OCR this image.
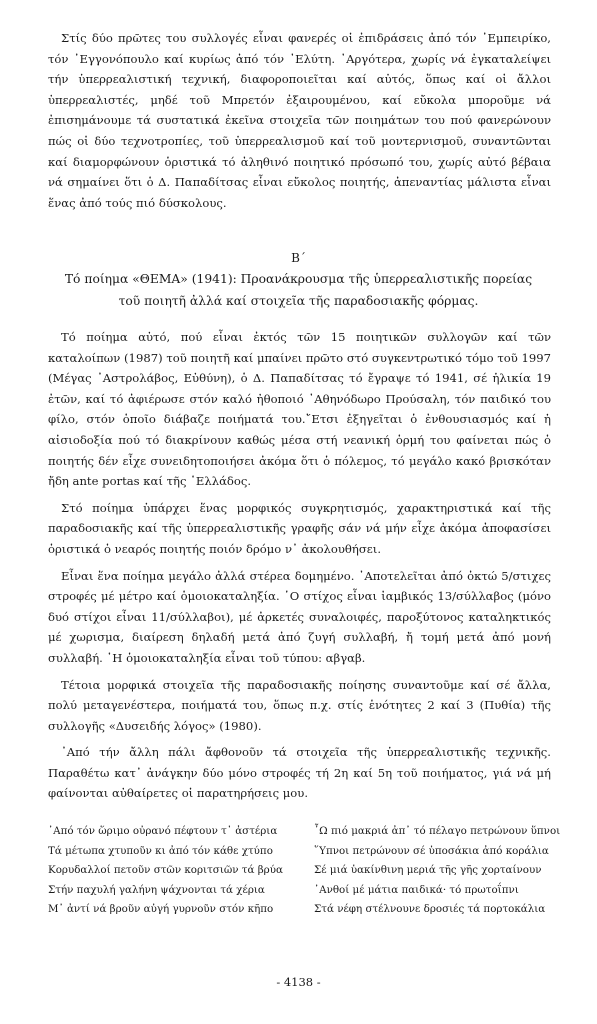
Στίς δύο πρῶτες του συλλογές εἶναι φανερές οἱ ἐπιδράσεις ἀπό τόν ᾿Εμπειρίκο, τόν ᾿Εγγονόπουλο καί κυρίως ἀπό τόν ᾿Ελύτη. ᾿Αργότερα, χωρίς νά ἐγκαταλείψει τήν ὑπερρεαλιστική τεχνική, διαφοροποιεῖται καί αὐτός, ὅπως καί οἱ ἄλλοι ὑπερρεαλιστές, μηδέ τοῦ Μπρετόν ἐξαιρουμένου, καί εὔκολα μποροῦμε νά ἐπισημάνουμε τά συστατικά ἐκεῖνα στοιχεῖα τῶν ποιημάτων του πού φανερώνουν πώς οἱ δύο τεχνοτροπίες, τοῦ ὑπερρεαλισμοῦ καί τοῦ μοντερνισμοῦ, συναντῶνται καί διαμορφώνουν ὁριστικά τό ἀληθινό ποιητικό πρόσωπό του, χωρίς αὐτό βέβαια νά σημαίνει ὅτι ὁ Δ. Παπαδίτσας εἶναι εὔκολος ποιητής, ἀπεναντίας μάλιστα εἶναι ἕνας ἀπό τούς πιό δύσκολους.

Β΄
Τό ποίημα «ΘΕΜΑ» (1941): Προανάκρουσμα τῆς ὑπερρεαλιστικῆς πορείας
τοῦ ποιητῆ ἀλλά καί στοιχεῖα τῆς παραδοσιακῆς φόρμας.

Τό ποίημα αὐτό, πού εἶναι ἐκτός τῶν 15 ποιητικῶν συλλογῶν καί τῶν καταλοίπων (1987) τοῦ ποιητῆ καί μπαίνει πρῶτο στό συγκεντρωτικό τόμο τοῦ 1997 (Μέγας ᾿Αστρολάβος, Εὐθύνη), ὁ Δ. Παπαδίτσας τό ἔγραψε τό 1941, σέ ἡλικία 19 ἐτῶν, καί τό ἀφιέρωσε στόν καλό ἠθοποιό ᾿Αθηνόδωρο Προύσαλη, τόν παιδικό του φίλο, στόν ὁποῖο διάβαζε ποιήματά του.῎Ετσι ἐξηγεῖται ὁ ἐνθουσιασμός καί ἡ αἰσιοδοξία πού τό διακρίνουν καθώς μέσα στή νεανική ὁρμή του φαίνεται πώς ὁ ποιητής δέν εἶχε συνειδητοποιήσει ἀκόμα ὅτι ὁ πόλεμος, τό μεγάλο κακό βρισκόταν ἤδη ante portas καί τῆς ῾Ελλάδος.

Στό ποίημα ὑπάρχει ἕνας μορφικός συγκρητισμός, χαρακτηριστικά καί τῆς παραδοσιακῆς καί τῆς ὑπερρεαλιστικῆς γραφῆς σάν νά μήν εἶχε ἀκόμα ἀποφασίσει ὁριστικά ὁ νεαρός ποιητής ποιόν δρόμο ν᾿ ἀκολουθήσει.

Εἶναι ἕνα ποίημα μεγάλο ἀλλά στέρεα δομημένο. ᾿Αποτελεῖται ἀπό ὀκτώ 5/στιχες στροφές μέ μέτρο καί ὁμοιοκαταληξία. ῾Ο στίχος εἶναι ἰαμβικός 13/σύλλαβος (μόνο δυό στίχοι εἶναι 11/σύλλαβοι), μέ ἀρκετές συναλοιφές, παροξύτονος καταληκτικός μέ χωρισμα, διαίρεση δηλαδή μετά ἀπό ζυγή συλλαβή, ἤ τομή μετά ἀπό μονή συλλαβή. ῾Η ὁμοιοκαταληξία εἶναι τοῦ τύπου: αβγαβ.

Τέτοια μορφικά στοιχεῖα τῆς παραδοσιακῆς ποίησης συναντοῦμε καί σέ ἄλλα, πολύ μεταγενέστερα, ποιήματά του, ὅπως π.χ. στίς ἑνότητες 2 καί 3 (Πυθία) τῆς συλλογῆς «Δυσειδής λόγος» (1980).

᾿Από τήν ἄλλη πάλι ἄφθονοῦν τά στοιχεῖα τῆς ὑπερρεαλιστικῆς τεχνικῆς. Παραθέτω κατ᾿ ἀνάγκην δύο μόνο στροφές τή 2η καί 5η τοῦ ποιήματος, γιά νά μή φαίνονται αὐθαίρετες οἱ παρατηρήσεις μου.

᾿Από τόν ὥριμο οὐρανό πέφτουν τ᾿ ἀστέρια
Τά μέτωπα χτυποῦν κι ἀπό τόν κάθε χτύπο
Κορυδαλλοί πετοῦν στῶν κοριτσιῶν τά βρύα
Στήν παχυλή γαλήνη ψάχνονται τά χέρια
Μ᾿ ἀντί νά βροῦν αὐγή γυρνοῦν στόν κῆπο
῏Ω πιό μακριά ἀπ᾿ τό πέλαγο πετρώνουν ὕπνοι
῞Υπνοι πετρώνουν σέ ὑποσάκια ἀπό κοράλια
Σέ μιά ὑακίνθινη μεριά τῆς γῆς χορταίνουν
᾿Ανθοί μέ μάτια παιδικά· τό πρωτοΐπνι
Στά νέφη στέλνουνε δροσιές τά πορτοκάλια
- 4138 -
